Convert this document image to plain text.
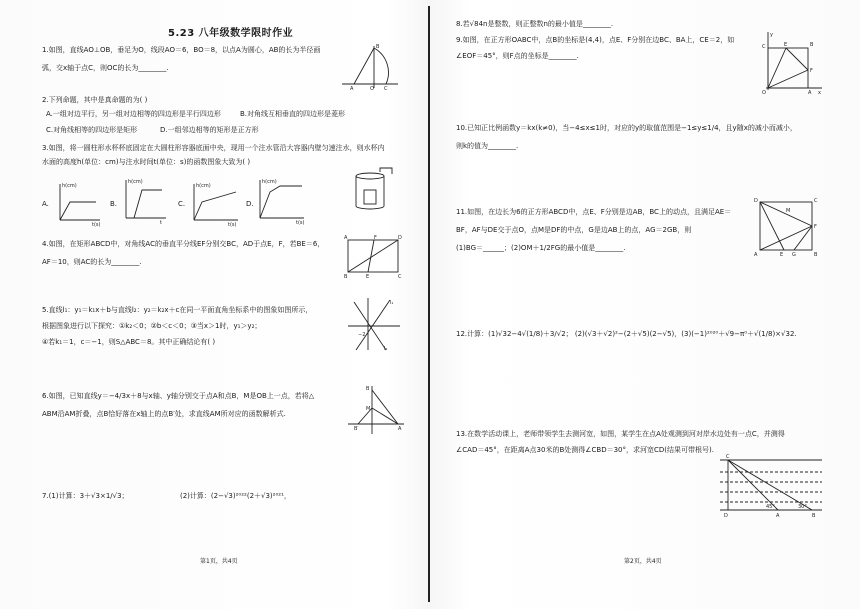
5.23 八年级数学限时作业
1.如图，直线AO⊥OB，垂足为O，线段AO＝6，BO＝8，以点A为圆心，AB的长为半径画
弧，交x轴于点C，则OC的长为________.
B
A	O C
2.下列命题，其中是真命题的为( )
A.一组对边平行，另一组对边相等的四边形是平行四边形	B.对角线互相垂直的四边形是菱形
C.对角线相等的四边形是矩形	D.一组邻边相等的矩形是正方形
3.如图，将一圆柱形水杯杯底固定在大圆柱形容器底面中央，现用一个注水管沿大容器内壁匀速注水，则水杯内
水面的高度h(单位：cm)与注水时间t(单位：s)的函数图象大致为( )
A.
h(cm)
t(s)
B.
h(cm)
t
C.
h(cm)
t(s)
D.
h(cm)
t(s)
4.如图，在矩形ABCD中，对角线AC的垂直平分线EF分别交BC，AD于点E，F，若BE＝6，
AF＝10，则AC的长为________.
A	F	D
B	E	C
5.直线l₁：y₁＝k₁x＋b与直线l₂：y₂＝k₂x＋c在同一平面直角坐标系中的图象如图所示，
根据图象进行以下探究：①k₂＜0；②b＜c＜0；③当x＞1时，y₁＞y₂；
④若k₁＝1，c＝−1，则S△ABC＝8。其中正确结论有( )
l₁
l₂
−2
6.如图，已知直线y＝−4/3x＋8与x轴、y轴分别交于点A和点B，M是OB上一点，若将△
ABM沿AM折叠，点B恰好落在x轴上的点B′处，求直线AM所对应的函数解析式.
B
A
B′
M
7.(1)计算：3＋√3×1/√3；	(2)计算：(2−√3)²⁰²²(2＋√3)²⁰²¹，
第1页，共4页
8.若√84n是整数，则正整数n的最小值是________.
9.如图，在正方形OABC中，点B的坐标是(4,4)，点E、F分别在边BC、BA上，CE＝2，如
∠EOF＝45°，则F点的坐标是________.
y
x
C	E	B
F
O	A
10.已知正比例函数y＝kx(k≠0)，当−4≤x≤1时，对应的y的取值范围是−1≤y≤1/4，且y随x的减小而减小，
则k的值为________.
11.如图，在边长为6的正方形ABCD中，点E、F分别是边AB，BC上的动点，且满足AE＝
BF，AF与DE交于点O，点M是DF的中点，G是边AB上的点，AG＝2GB，则
(1)BG＝______；(2)OM＋1/2FG的最小值是________.
D	C
M
F
A	E G	B
12.计算：(1)√32−4√(1/8)＋3/√2； (2)(√3＋√2)²−(2＋√5)(2−√5)，(3)(−1)²⁰²⁰＋√9−π⁰＋√(1/8)×√32.
13.在数学活动课上，老师带领学生去测河宽，如图，某学生在点A处观测到河对岸水边处有一点C，并测得
∠CAD＝45°，在距离A点30米的B处测得∠CBD＝30°，求河宽CD(结果可带根号).
C
D	A	B
45°	30°
第2页，共4页
